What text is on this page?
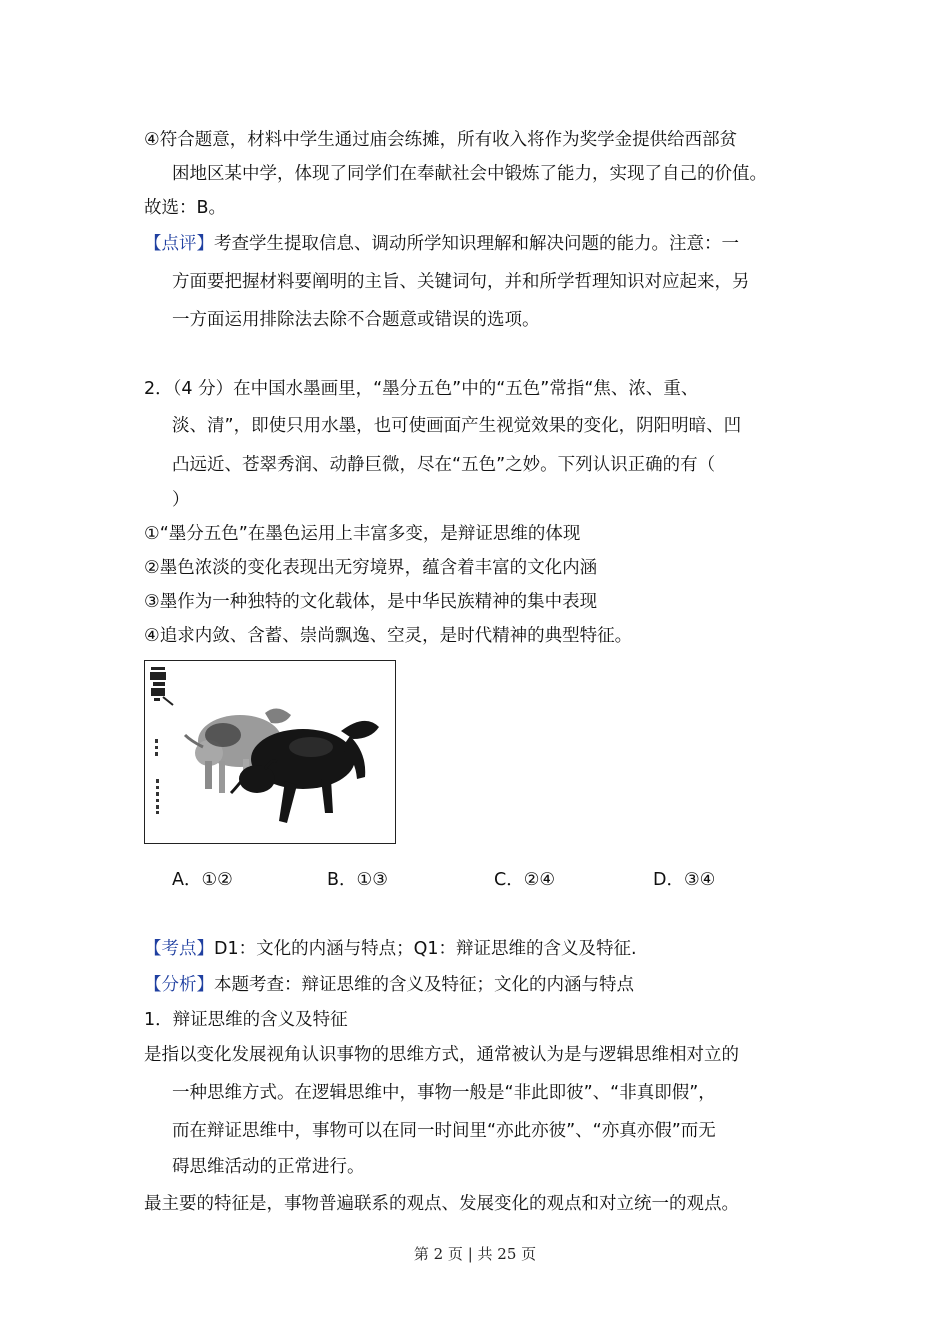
④符合题意，材料中学生通过庙会练摊，所有收入将作为奖学金提供给西部贫
困地区某中学，体现了同学们在奉献社会中锻炼了能力，实现了自己的价值。
故选：B。
【点评】考查学生提取信息、调动所学知识理解和解决问题的能力。注意：一
方面要把握材料要阐明的主旨、关键词句，并和所学哲理知识对应起来，另
一方面运用排除法去除不合题意或错误的选项。
2．（4 分）在中国水墨画里，“墨分五色”中的“五色”常指“焦、浓、重、
淡、清”，即使只用水墨，也可使画面产生视觉效果的变化，阴阳明暗、凹
凸远近、苍翠秀润、动静巨微，尽在“五色”之妙。下列认识正确的有（
）
①“墨分五色”在墨色运用上丰富多变，是辩证思维的体现
②墨色浓淡的变化表现出无穷境界，蕴含着丰富的文化内涵
③墨作为一种独特的文化载体，是中华民族精神的集中表现
④追求内敛、含蓄、崇尚飘逸、空灵，是时代精神的典型特征。
A．①②	B．①③	C．②④	D．③④
【考点】D1：文化的内涵与特点；Q1：辩证思维的含义及特征.
【分析】本题考查：辩证思维的含义及特征；文化的内涵与特点
1．辩证思维的含义及特征
是指以变化发展视角认识事物的思维方式，通常被认为是与逻辑思维相对立的
一种思维方式。在逻辑思维中，事物一般是“非此即彼”、“非真即假”，
而在辩证思维中，事物可以在同一时间里“亦此亦彼”、“亦真亦假”而无
碍思维活动的正常进行。
最主要的特征是，事物普遍联系的观点、发展变化的观点和对立统一的观点。
第 2 页 | 共 25 页
